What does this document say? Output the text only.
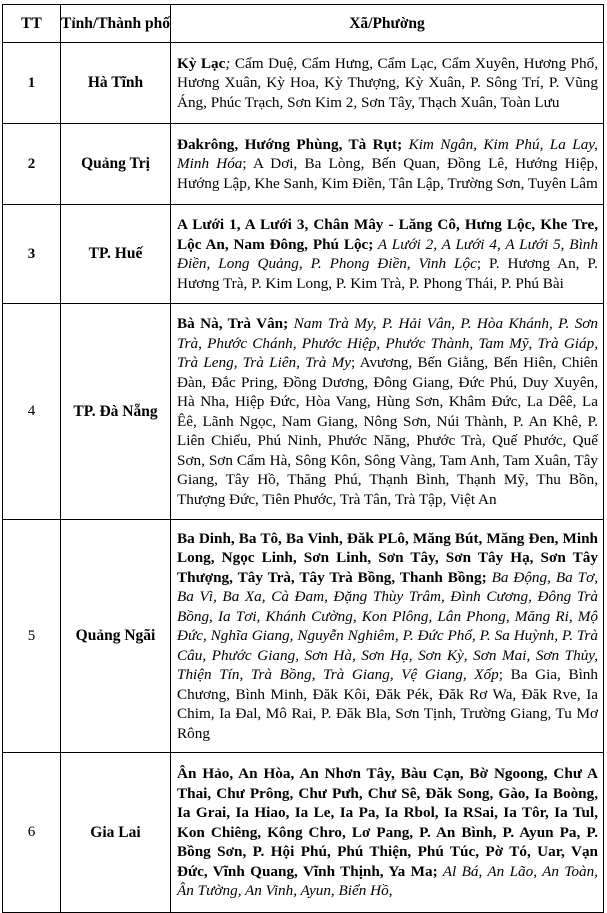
TT	Tỉnh/Thành phố	Xã/Phường
1	Hà Tĩnh	Kỳ Lạc; Cẩm Duệ, Cẩm Hưng, Cẩm Lạc, Cẩm Xuyên, Hương Phố, Hương Xuân, Kỳ Hoa, Kỳ Thượng, Kỳ Xuân, P. Sông Trí, P. Vũng Áng, Phúc Trạch, Sơn Kim 2, Sơn Tây, Thạch Xuân, Toàn Lưu
2	Quảng Trị	Đakrông, Hướng Phùng, Tà Rụt; Kim Ngân, Kim Phú, La Lay, Minh Hóa; A Dơi, Ba Lòng, Bến Quan, Đồng Lê, Hướng Hiệp, Hướng Lập, Khe Sanh, Kim Điền, Tân Lập, Trường Sơn, Tuyên Lâm
3	TP. Huế	A Lưới 1, A Lưới 3, Chân Mây - Lăng Cô, Hưng Lộc, Khe Tre, Lộc An, Nam Đông, Phú Lộc; A Lưới 2, A Lưới 4, A Lưới 5, Bình Điền, Long Quảng, P. Phong Điền, Vinh Lộc; P. Hương An, P. Hương Trà, P. Kim Long, P. Kim Trà, P. Phong Thái, P. Phú Bài
4	TP. Đà Nẵng	Bà Nà, Trà Vân; Nam Trà My, P. Hải Vân, P. Hòa Khánh, P. Sơn Trà, Phước Chánh, Phước Hiệp, Phước Thành, Tam Mỹ, Trà Giáp, Trà Leng, Trà Liên, Trà My; Avương, Bến Giằng, Bến Hiên, Chiên Đàn, Đắc Pring, Đồng Dương, Đông Giang, Đức Phú, Duy Xuyên, Hà Nha, Hiệp Đức, Hòa Vang, Hùng Sơn, Khâm Đức, La Dêê, La Êê, Lãnh Ngọc, Nam Giang, Nông Sơn, Núi Thành, P. An Khê, P. Liên Chiểu, Phú Ninh, Phước Năng, Phước Trà, Quế Phước, Quế Sơn, Sơn Cẩm Hà, Sông Kôn, Sông Vàng, Tam Anh, Tam Xuân, Tây Giang, Tây Hồ, Thăng Phú, Thạnh Bình, Thạnh Mỹ, Thu Bồn, Thượng Đức, Tiên Phước, Trà Tân, Trà Tập, Việt An
5	Quảng Ngãi	Ba Dinh, Ba Tô, Ba Vinh, Đăk PLô, Măng Bút, Măng Đen, Minh Long, Ngọc Linh, Sơn Linh, Sơn Tây, Sơn Tây Hạ, Sơn Tây Thượng, Tây Trà, Tây Trà Bồng, Thanh Bồng; Ba Động, Ba Tơ, Ba Vì, Ba Xa, Cà Đam, Đặng Thùy Trâm, Đình Cương, Đông Trà Bồng, Ia Tơi, Khánh Cường, Kon Plông, Lân Phong, Măng Ri, Mộ Đức, Nghĩa Giang, Nguyễn Nghiêm, P. Đức Phổ, P. Sa Huỳnh, P. Trà Câu, Phước Giang, Sơn Hà, Sơn Hạ, Sơn Kỳ, Sơn Mai, Sơn Thủy, Thiện Tín, Trà Bồng, Trà Giang, Vệ Giang, Xốp; Ba Gia, Bình Chương, Bình Minh, Đăk Kôi, Đăk Pék, Đăk Rơ Wa, Đăk Rve, Ia Chim, Ia Đal, Mô Rai, P. Đăk Bla, Sơn Tịnh, Trường Giang, Tu Mơ Rông
6	Gia Lai	Ân Hảo, An Hòa, An Nhơn Tây, Bàu Cạn, Bờ Ngoong, Chư A Thai, Chư Prông, Chư Pưh, Chư Sê, Đăk Song, Gào, Ia Boòng, Ia Grai, Ia Hiao, Ia Le, Ia Pa, Ia Rbol, Ia RSai, Ia Tôr, Ia Tul, Kon Chiêng, Kông Chro, Lơ Pang, P. An Bình, P. Ayun Pa, P. Bồng Sơn, P. Hội Phú, Phú Thiện, Phú Túc, Pờ Tó, Uar, Vạn Đức, Vĩnh Quang, Vĩnh Thịnh, Ya Ma; Al Bá, An Lão, An Toàn, Ân Tường, An Vinh, Ayun, Biển Hồ,
